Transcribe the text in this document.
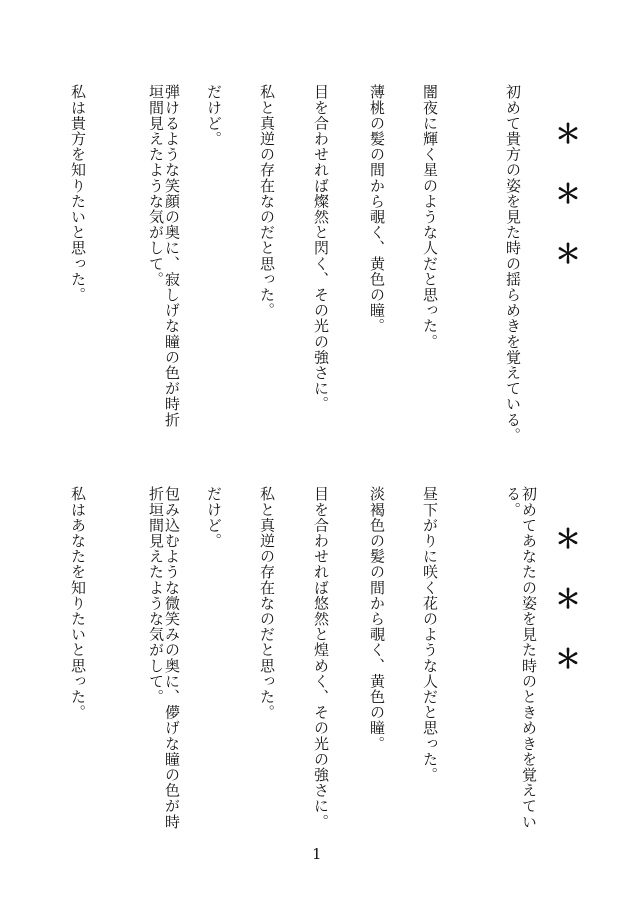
＊
＊
＊
初めて貴方の姿を見た時の揺らめきを覚えている。
闇夜に輝く星のような人だと思った。
薄桃の髪の間から覗く、黄色の瞳。
目を合わせれば燦然と閃く、その光の強さに。
私と真逆の存在なのだと思った。
だけど。
弾けるような笑顔の奥に、寂しげな瞳の色が時折垣間見えたような気がして。
私は貴方を知りたいと思った。
＊
＊
＊
初めてあなたの姿を見た時のときめきを覚えている。
昼下がりに咲く花のような人だと思った。
淡褐色の髪の間から覗く、黄色の瞳。
目を合わせれば悠然と煌めく、その光の強さに。
私と真逆の存在なのだと思った。
だけど。
包み込むような微笑みの奥に、儚げな瞳の色が時折垣間見えたような気がして。
私はあなたを知りたいと思った。
1
